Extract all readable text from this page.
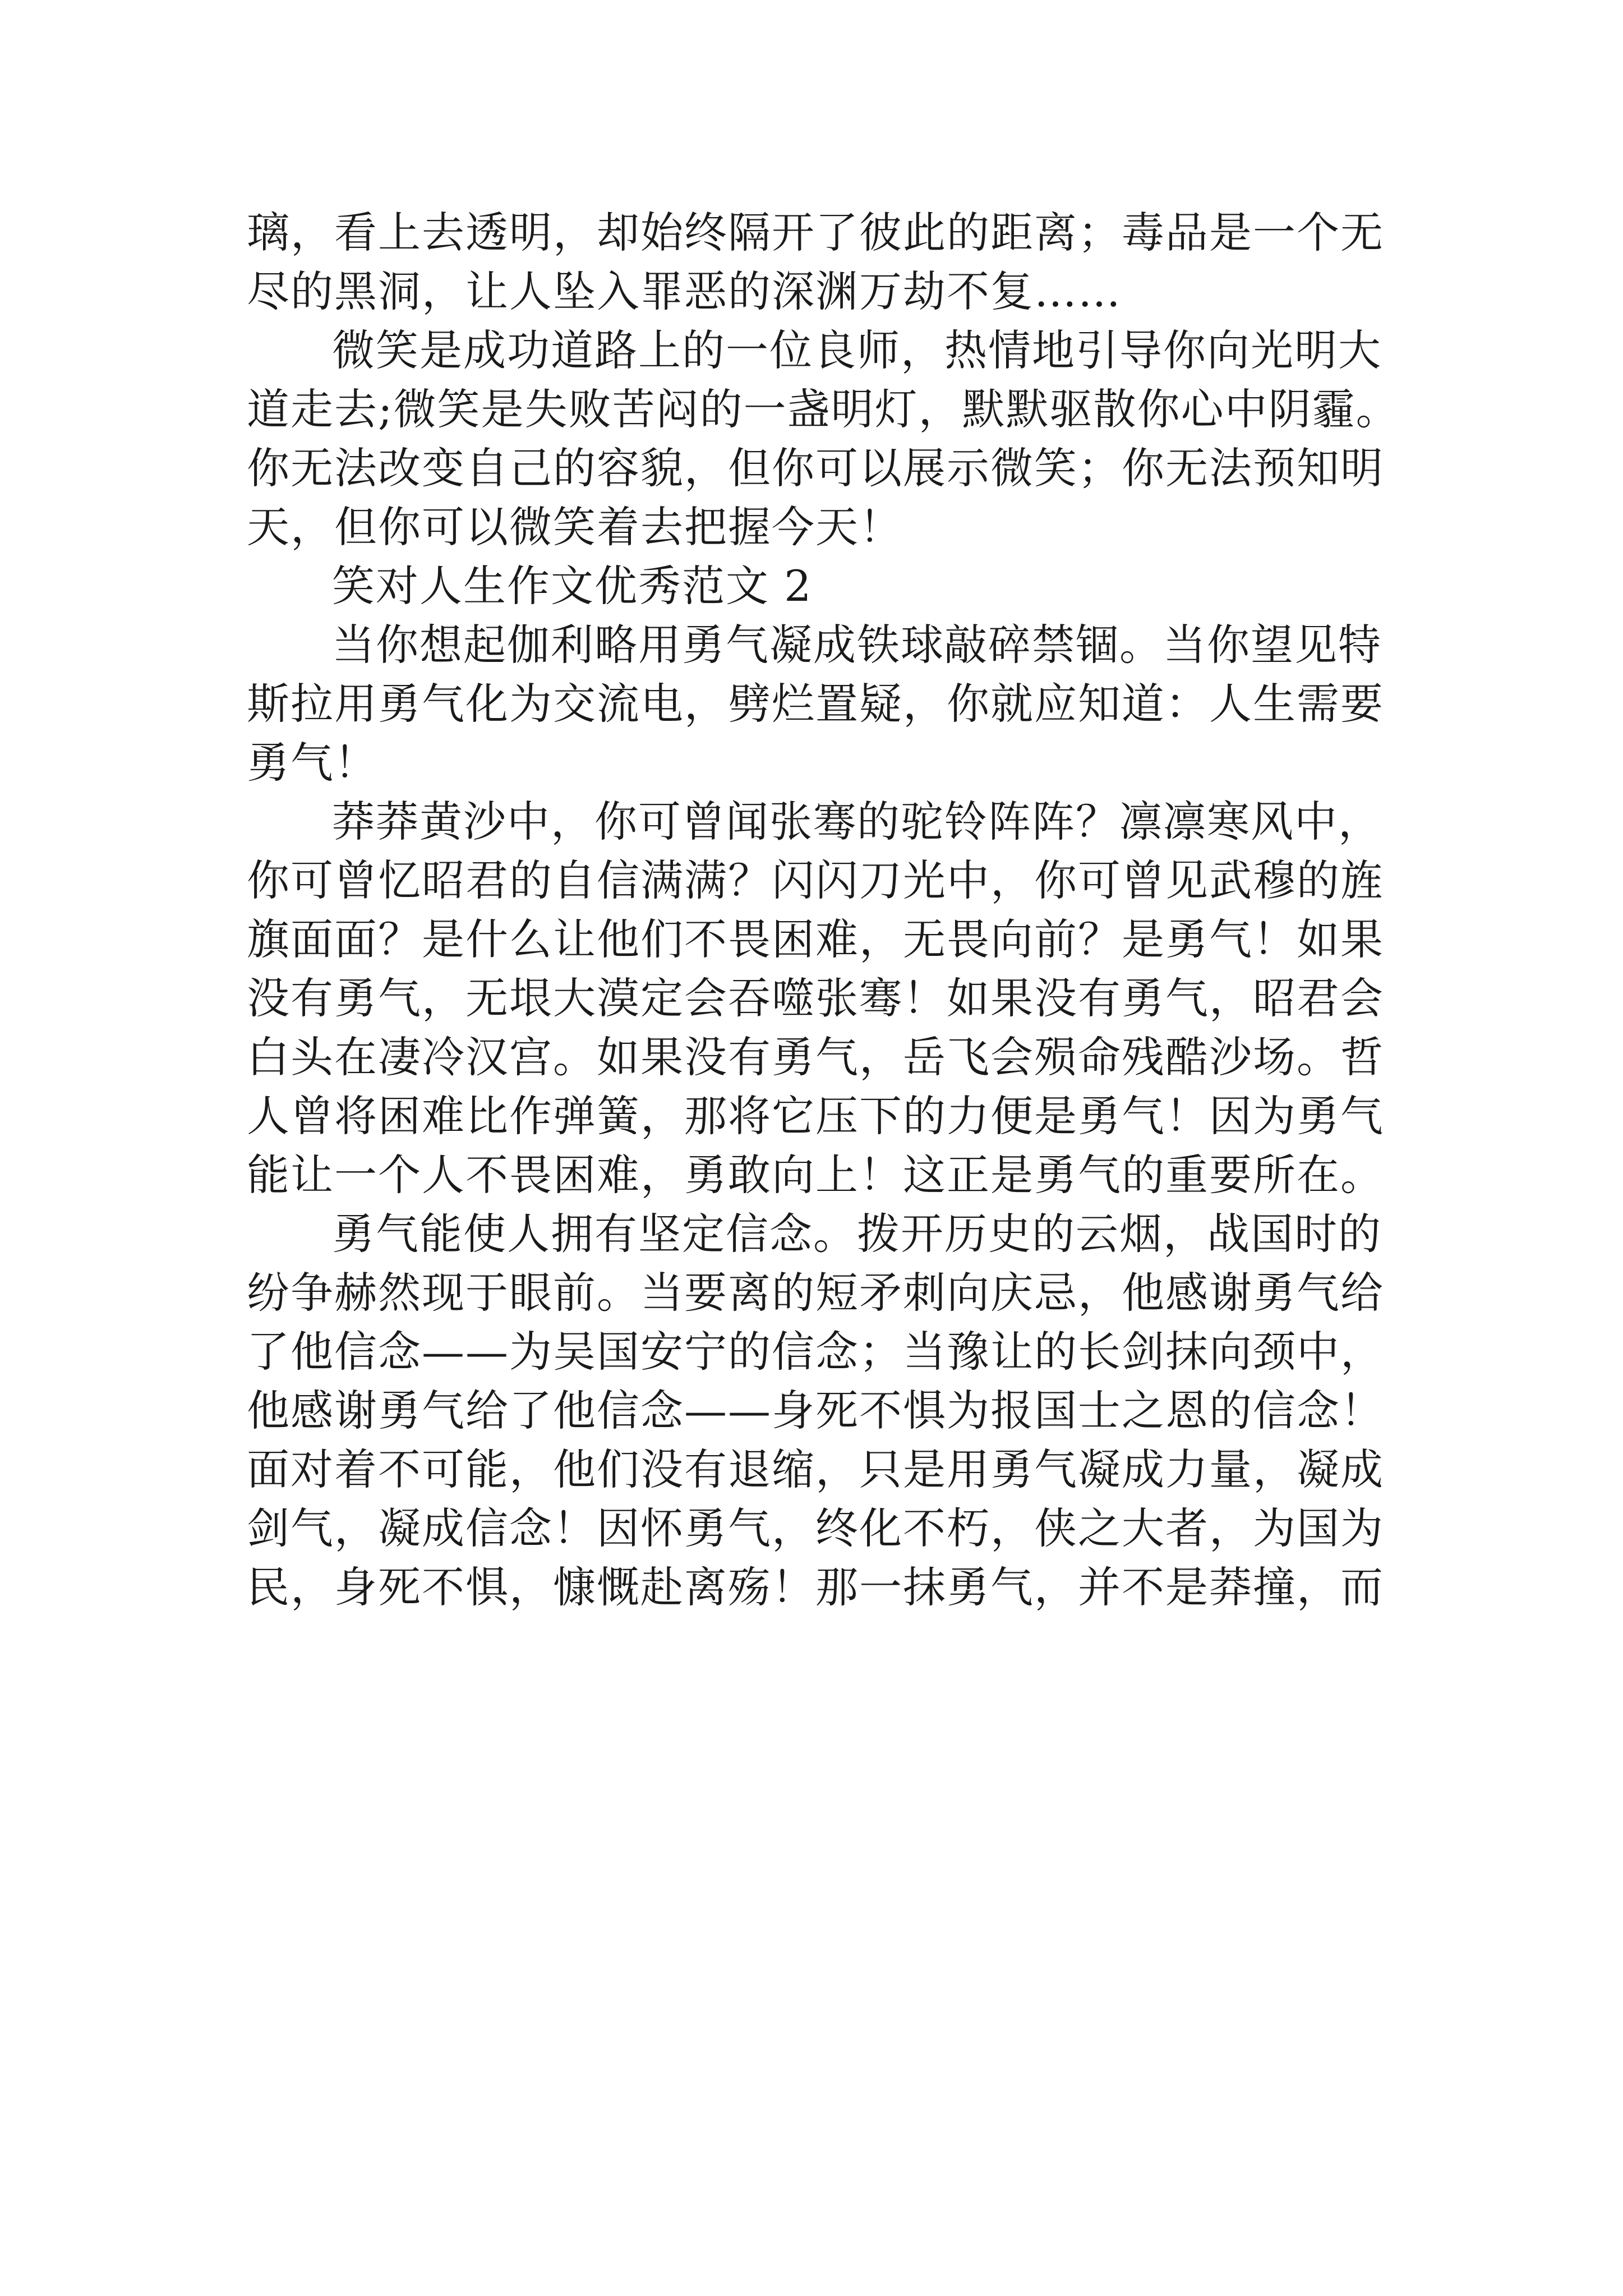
璃，看上去透明，却始终隔开了彼此的距离；毒品是一个无

尽的黑洞，让人坠入罪恶的深渊万劫不复……

微笑是成功道路上的一位良师，热情地引导你向光明大

道走去;微笑是失败苦闷的一盏明灯，默默驱散你心中阴霾。

你无法改变自己的容貌，但你可以展示微笑；你无法预知明

天，但你可以微笑着去把握今天！

笑对人生作文优秀范文 2

当你想起伽利略用勇气凝成铁球敲碎禁锢。当你望见特

斯拉用勇气化为交流电，劈烂置疑，你就应知道：人生需要

勇气！

莽莽黄沙中，你可曾闻张骞的驼铃阵阵？凛凛寒风中，

你可曾忆昭君的自信满满？闪闪刀光中，你可曾见武穆的旌

旗面面？是什么让他们不畏困难，无畏向前？是勇气！如果

没有勇气，无垠大漠定会吞噬张骞！如果没有勇气，昭君会

白头在凄冷汉宫。如果没有勇气，岳飞会殒命残酷沙场。哲

人曾将困难比作弹簧，那将它压下的力便是勇气！因为勇气

能让一个人不畏困难，勇敢向上！这正是勇气的重要所在。

勇气能使人拥有坚定信念。拨开历史的云烟，战国时的

纷争赫然现于眼前。当要离的短矛刺向庆忌，他感谢勇气给

了他信念——为吴国安宁的信念；当豫让的长剑抹向颈中，

他感谢勇气给了他信念——身死不惧为报国士之恩的信念！

面对着不可能，他们没有退缩，只是用勇气凝成力量，凝成

剑气，凝成信念！因怀勇气，终化不朽，侠之大者，为国为

民，身死不惧，慷慨赴离殇！那一抹勇气，并不是莽撞，而
